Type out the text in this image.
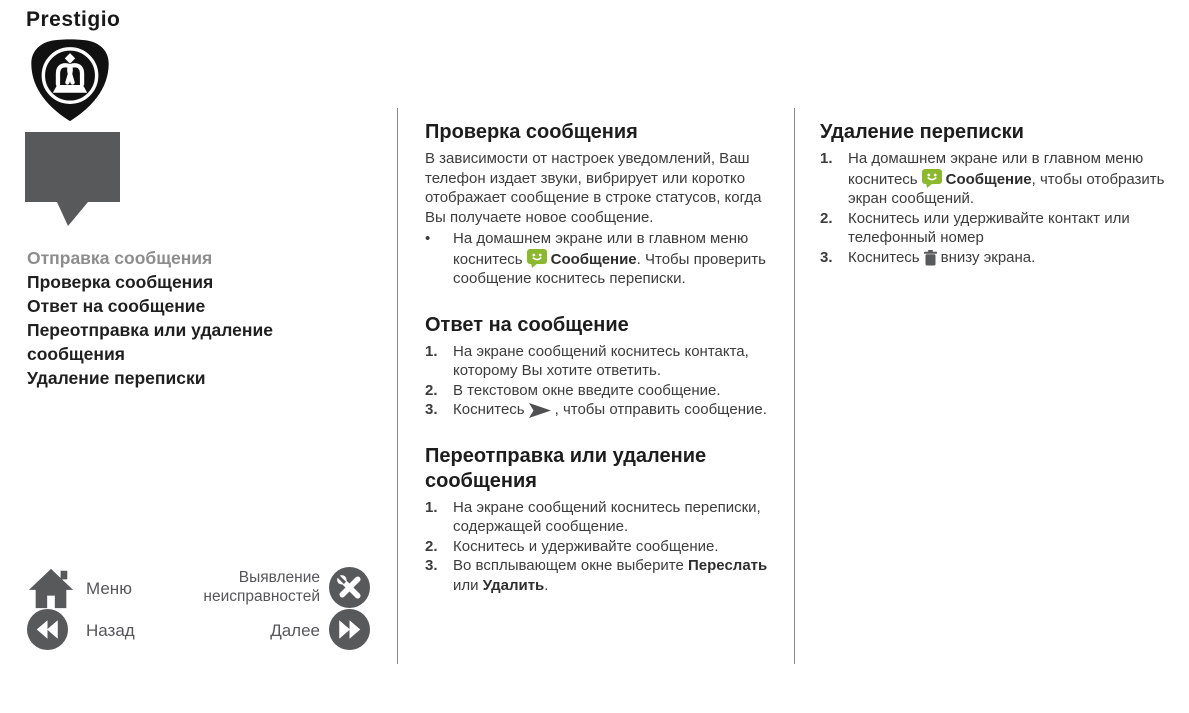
Prestigio
Отправка сообщения
Проверка сообщения
Ответ на сообщение
Переотправка или удаление сообщения
Удаление переписки
Меню
Выявление
неисправностей
Назад	Далее
Проверка сообщения

В зависимости от настроек уведомлений, Ваш телефон издает звуки, вибрирует или коротко отображает сообщение в строке статусов, когда Вы получаете новое сообщение.

•	На домашнем экране или в главном меню коснитесь Сообщение. Чтобы проверить сообщение коснитесь переписки.
Ответ на сообщение
1.	На экране сообщений коснитесь контакта, которому Вы хотите ответить.
2.	В текстовом окне введите сообщение.
3.	Коснитесь , чтобы отправить сообщение.
Переотправка или удаление сообщения
1.	На экране сообщений коснитесь переписки, содержащей сообщение.
2.	Коснитесь и удерживайте сообщение.
3.	Во всплывающем окне выберите Переслать или Удалить.
Удаление переписки
1.	На домашнем экране или в главном меню коснитесь Сообщение, чтобы отобразить экран сообщений.
2.	Коснитесь или удерживайте контакт или телефонный номер
3.	Коснитесь внизу экрана.
